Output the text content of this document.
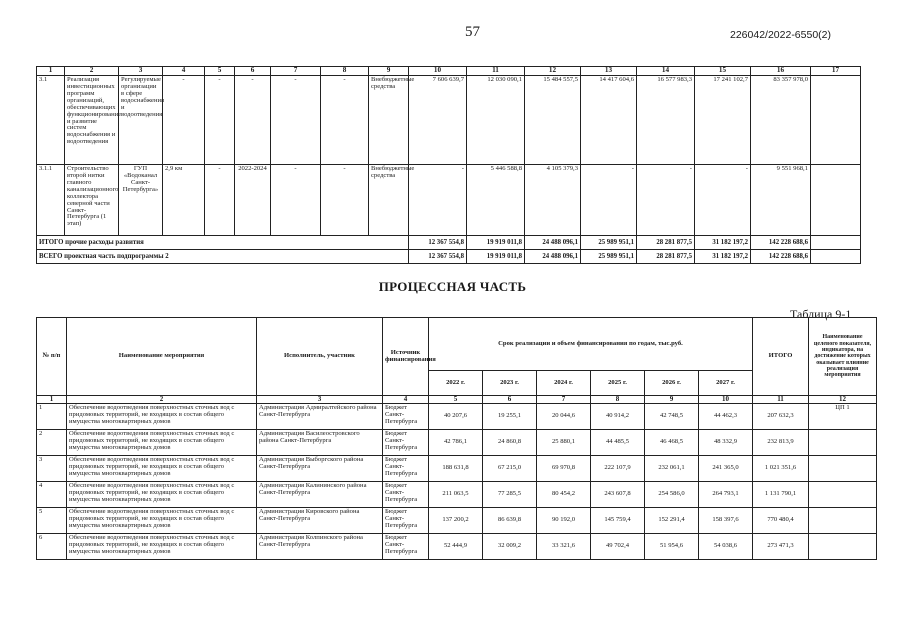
57	226042/2022-6550(2)
1	2	3	4	5	6	7	8	9	10	11	12	13	14	15	16	17
3.1	Реализация инвестиционных программ организаций, обеспечивающих функционирование и развитие систем водоснабжения и водоотведения	Регулируемые организации в сфере водоснабжения и водоотведения	-	-	-	-	-	Внебюджетные средства	7 606 639,7	12 030 090,1	15 484 557,5	14 417 604,6	16 577 983,3	17 241 102,7	83 357 978,0	
3.1.1	Строительство второй нитки главного канализационного коллектора северной части Санкт-Петербурга (1 этап)	ГУП «Водоканал Санкт-Петербурга»	2,9 км	-	2022-2024	-	-	Внебюджетные средства	-	5 446 588,8	4 105 379,3	-	-	-	9 551 968,1	
ИТОГО прочие расходы развития									12 367 554,8	19 919 011,8	24 488 096,1	25 989 951,1	28 281 877,5	31 182 197,2	142 228 688,6	
ВСЕГО проектная часть подпрограммы 2									12 367 554,8	19 919 011,8	24 488 096,1	25 989 951,1	28 281 877,5	31 182 197,2	142 228 688,6	
ПРОЦЕССНАЯ ЧАСТЬ
Таблица 9-1
№ п/п	Наименование мероприятия	Исполнитель, участник	Источник финансирования	Срок реализации и объем финансирования по годам, тыс.руб.						ИТОГО	Наименование целевого показателя, индикатора, на достижение которых оказывает влияние реализация мероприятия
				2022 г.	2023 г.	2024 г.	2025 г.	2026 г.	2027 г.		
1	2	3	4	5	6	7	8	9	10	11	12
1	Обеспечение водоотведения поверхностных сточных вод с придомовых территорий, не входящих в состав общего имущества многоквартирных домов	Администрация Адмиралтейского района Санкт-Петербурга	Бюджет Санкт-Петербурга	40 207,6	19 255,1	20 044,6	40 914,2	42 748,5	44 462,3	207 632,3	ЦП 1
2	Обеспечение водоотведения поверхностных сточных вод с придомовых территорий, не входящих в состав общего имущества многоквартирных домов	Администрация Василеостровского района Санкт-Петербурга	Бюджет Санкт-Петербурга	42 786,1	24 860,8	25 880,1	44 485,5	46 468,5	48 332,9	232 813,9	
3	Обеспечение водоотведения поверхностных сточных вод с придомовых территорий, не входящих в состав общего имущества многоквартирных домов	Администрация Выборгского района Санкт-Петербурга	Бюджет Санкт-Петербурга	188 631,8	67 215,0	69 970,8	222 107,9	232 061,1	241 365,0	1 021 351,6	
4	Обеспечение водоотведения поверхностных сточных вод с придомовых территорий, не входящих в состав общего имущества многоквартирных домов	Администрация Калининского района Санкт-Петербурга	Бюджет Санкт-Петербурга	211 063,5	77 285,5	80 454,2	243 607,8	254 586,0	264 793,1	1 131 790,1	
5	Обеспечение водоотведения поверхностных сточных вод с придомовых территорий, не входящих в состав общего имущества многоквартирных домов	Администрация Кировского района Санкт-Петербурга	Бюджет Санкт-Петербурга	137 200,2	86 639,8	90 192,0	145 759,4	152 291,4	158 397,6	770 480,4	
6	Обеспечение водоотведения поверхностных сточных вод с придомовых территорий, не входящих в состав общего имущества многоквартирных домов	Администрация Колпинского района Санкт-Петербурга	Бюджет Санкт-Петербурга	52 444,9	32 009,2	33 321,6	49 702,4	51 954,6	54 038,6	273 471,3	
